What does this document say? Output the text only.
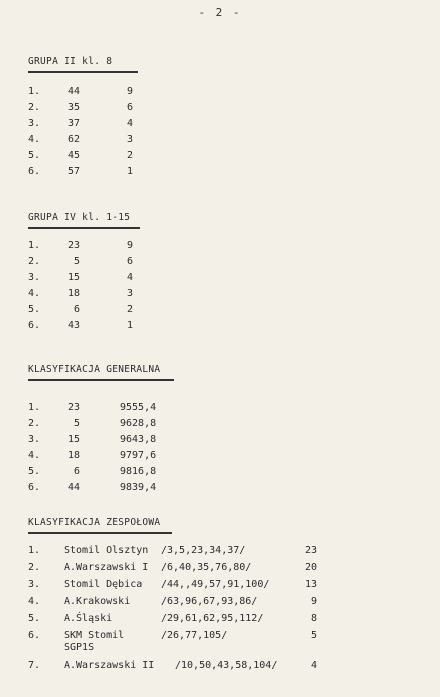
- 2 -
GRUPA II kl. 8
1.	44	9
2.	35	6
3.	37	4
4.	62	3
5.	45	2
6.	57	1
GRUPA IV kl. 1-15
1.	23	9
2.	5	6
3.	15	4
4.	18	3
5.	6	2
6.	43	1
KLASYFIKACJA GENERALNA
1.	23	9555,4
2.	5	9628,8
3.	15	9643,8
4.	18	9797,6
5.	6	9816,8
6.	44	9839,4
KLASYFIKACJA ZESPOŁOWA
1. Stomil Olsztyn /3,5,23,34,37/	23
2. A.Warszawski I /6,40,35,76,80/	20
3. Stomil Dębica /44,,49,57,91,100/	13
4. A.Krakowski	/63,96,67,93,86/	9
5. A.Śląski	/29,61,62,95,112/	8
6. SKM Stomil
SGP1S
/26,77,105/	5
7. A.Warszawski II /10,50,43,58,104/	4
